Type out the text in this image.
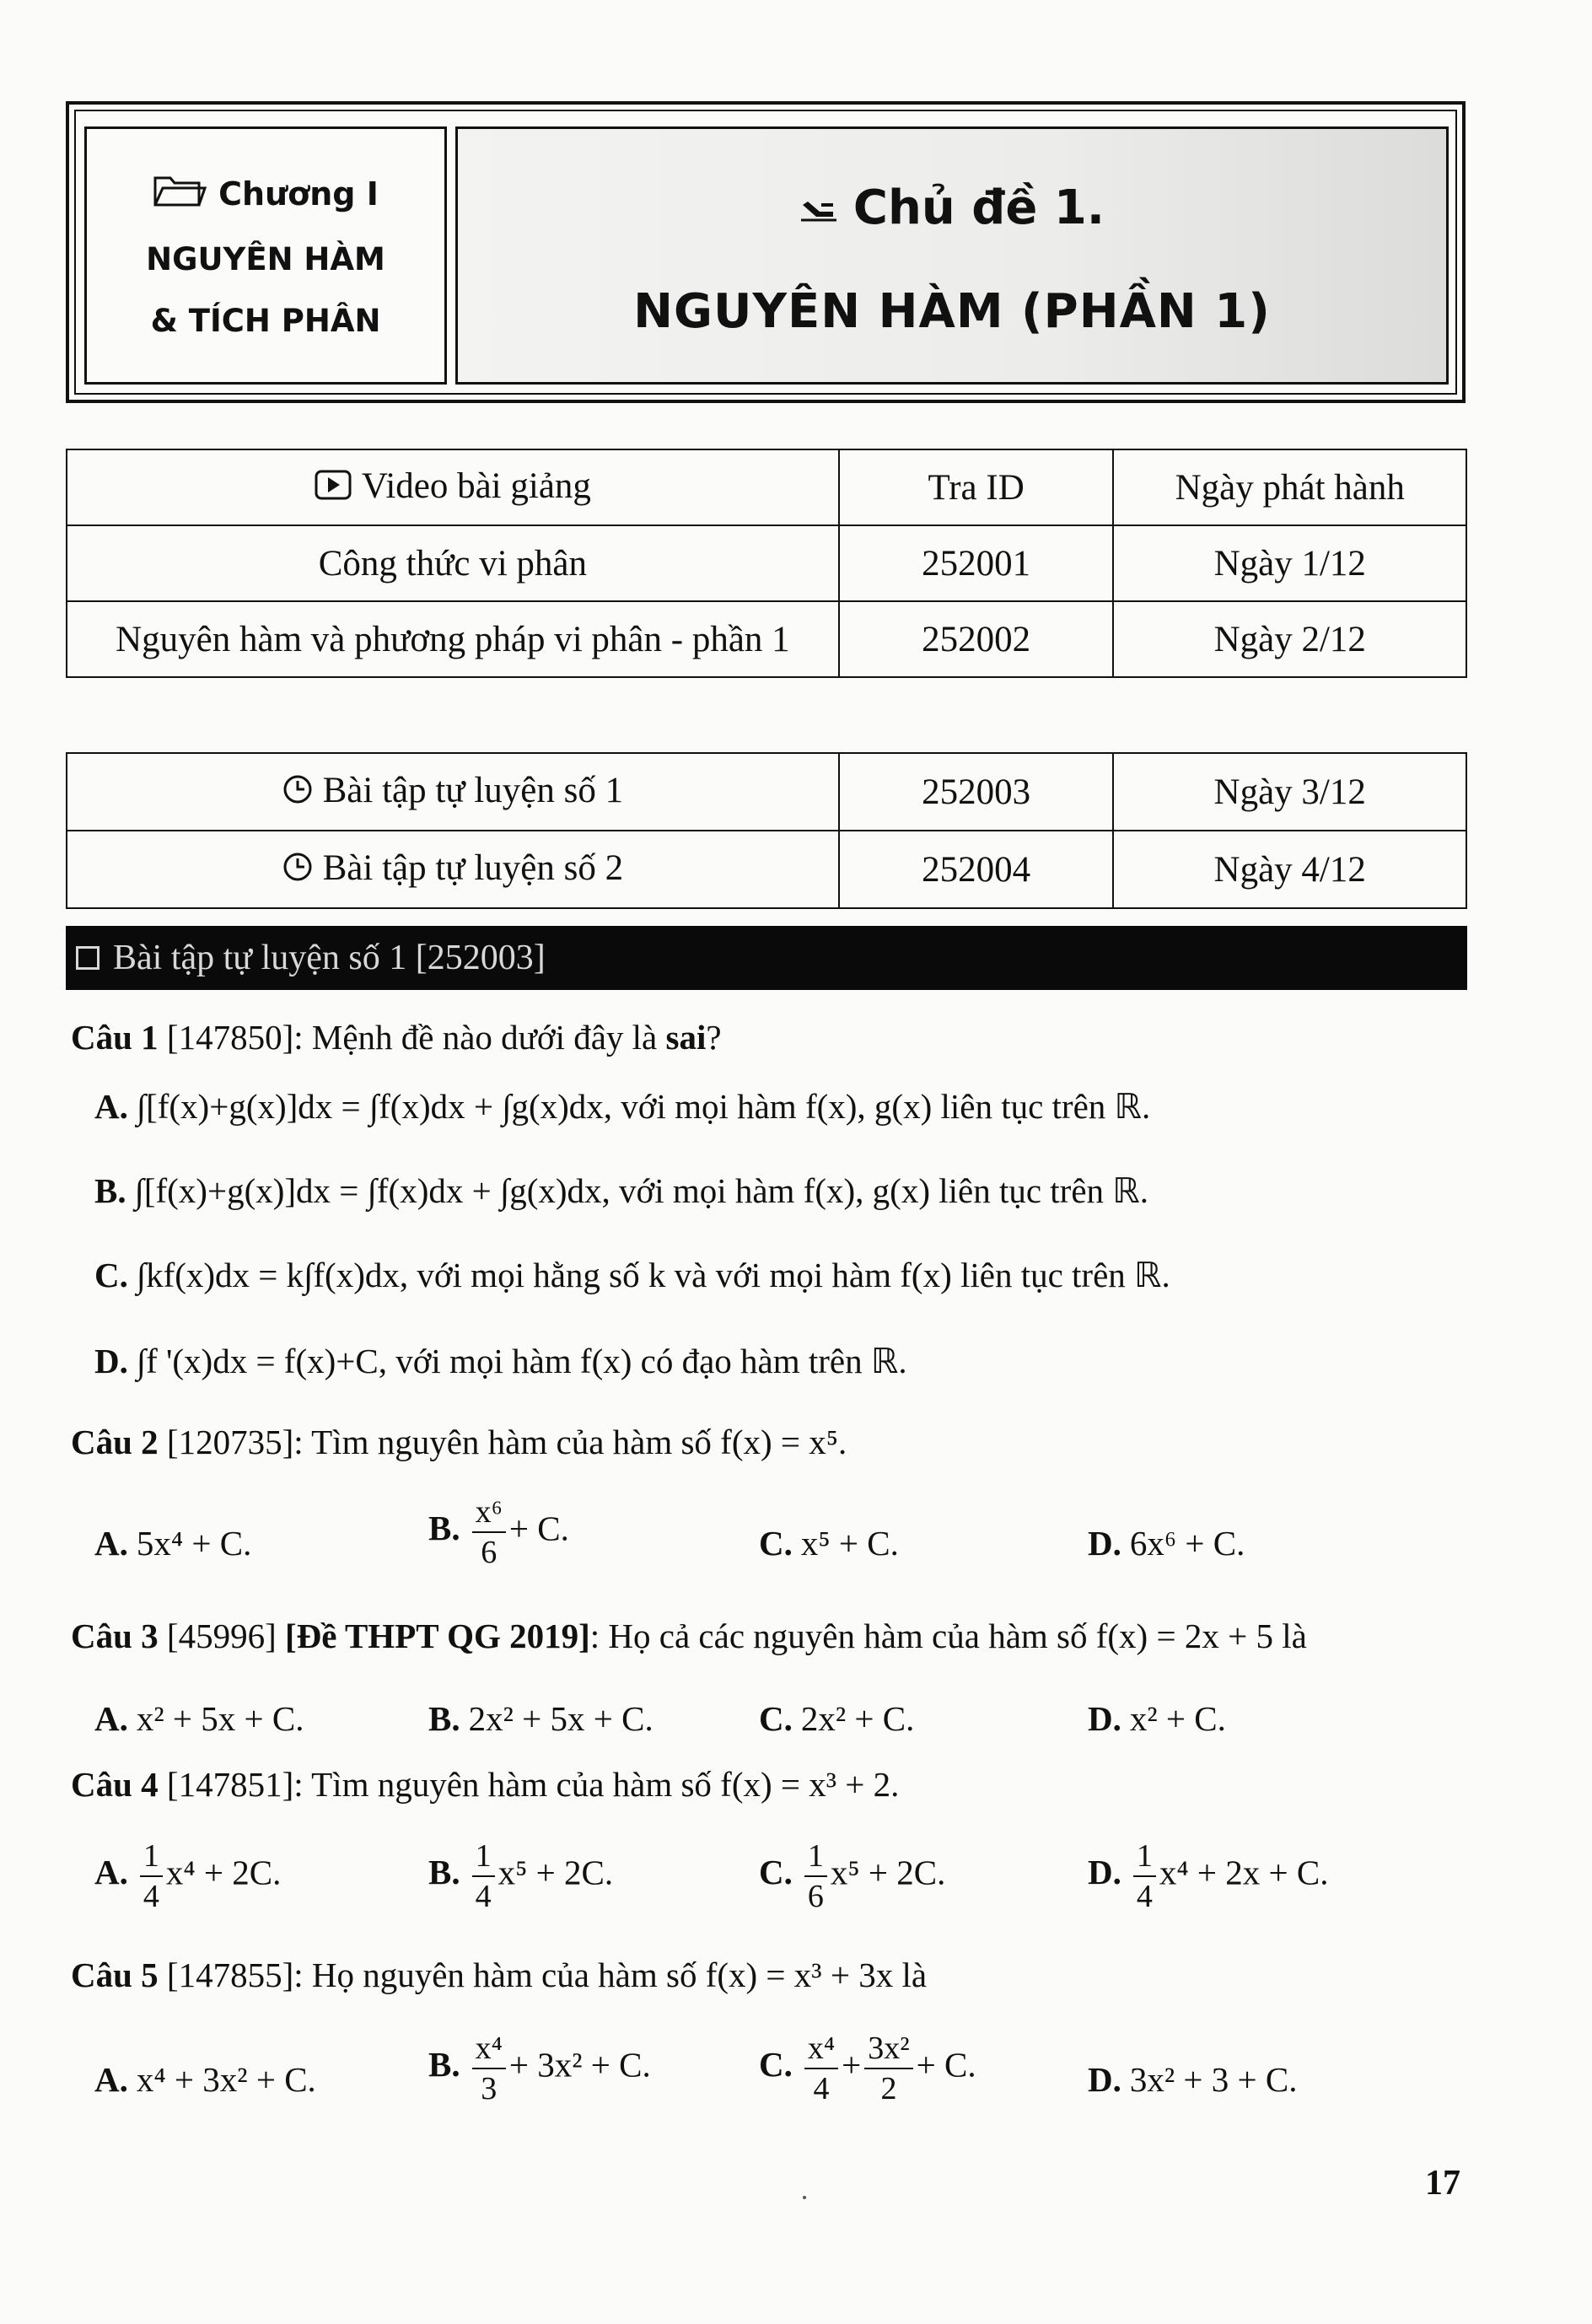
Chương I
NGUYÊN HÀM
& TÍCH PHÂN
Chủ đề 1.
NGUYÊN HÀM (PHẦN 1)
Video bài giảng	Tra ID	Ngày phát hành
Công thức vi phân	252001	Ngày 1/12
Nguyên hàm và phương pháp vi phân - phần 1	252002	Ngày 2/12
Bài tập tự luyện số 1	252003	Ngày 3/12
Bài tập tự luyện số 2	252004	Ngày 4/12
Bài tập tự luyện số 1 [252003]
Câu 1 [147850]: Mệnh đề nào dưới đây là sai?
A. ∫[f(x)+g(x)]dx = ∫f(x)dx + ∫g(x)dx, với mọi hàm f(x), g(x) liên tục trên ℝ.
B. ∫[f(x)+g(x)]dx = ∫f(x)dx + ∫g(x)dx, với mọi hàm f(x), g(x) liên tục trên ℝ.
C. ∫kf(x)dx = k∫f(x)dx, với mọi hằng số k và với mọi hàm f(x) liên tục trên ℝ.
D. ∫f '(x)dx = f(x)+C, với mọi hàm f(x) có đạo hàm trên ℝ.
Câu 2 [120735]: Tìm nguyên hàm của hàm số f(x) = x⁵.
A. 5x⁴ + C.	B. $\frac{\text{x⁶}}{6} + C$.	C. x⁵ + C.	D. 6x⁶ + C.
Câu 3 [45996] [Đề THPT QG 2019]: Họ cả các nguyên hàm của hàm số f(x) = 2x + 5 là
A. x² + 5x + C.	B. 2x² + 5x + C.	C. 2x² + C.	D. x² + C.
Câu 4 [147851]: Tìm nguyên hàm của hàm số f(x) = x³ + 2.
A. $\frac{1}{4} x^4 + 2C$.	B. $\frac{1}{4} x^5 + 2C$.	C. $\frac{1}{6} x^5 + 2C$.	D. $\frac{1}{4} x^4 + 2x + C$.
Câu 5 [147855]: Họ nguyên hàm của hàm số f(x) = x³ + 3x là
A. x⁴ + 3x² + C.	B. $\frac{\text{x⁴}}{3} + 3x^2 + C$.	C. $\frac{\text{x⁴}}{4} + \frac{\text{3x²}}{2} + C$.	D. 3x² + 3 + C.
17
